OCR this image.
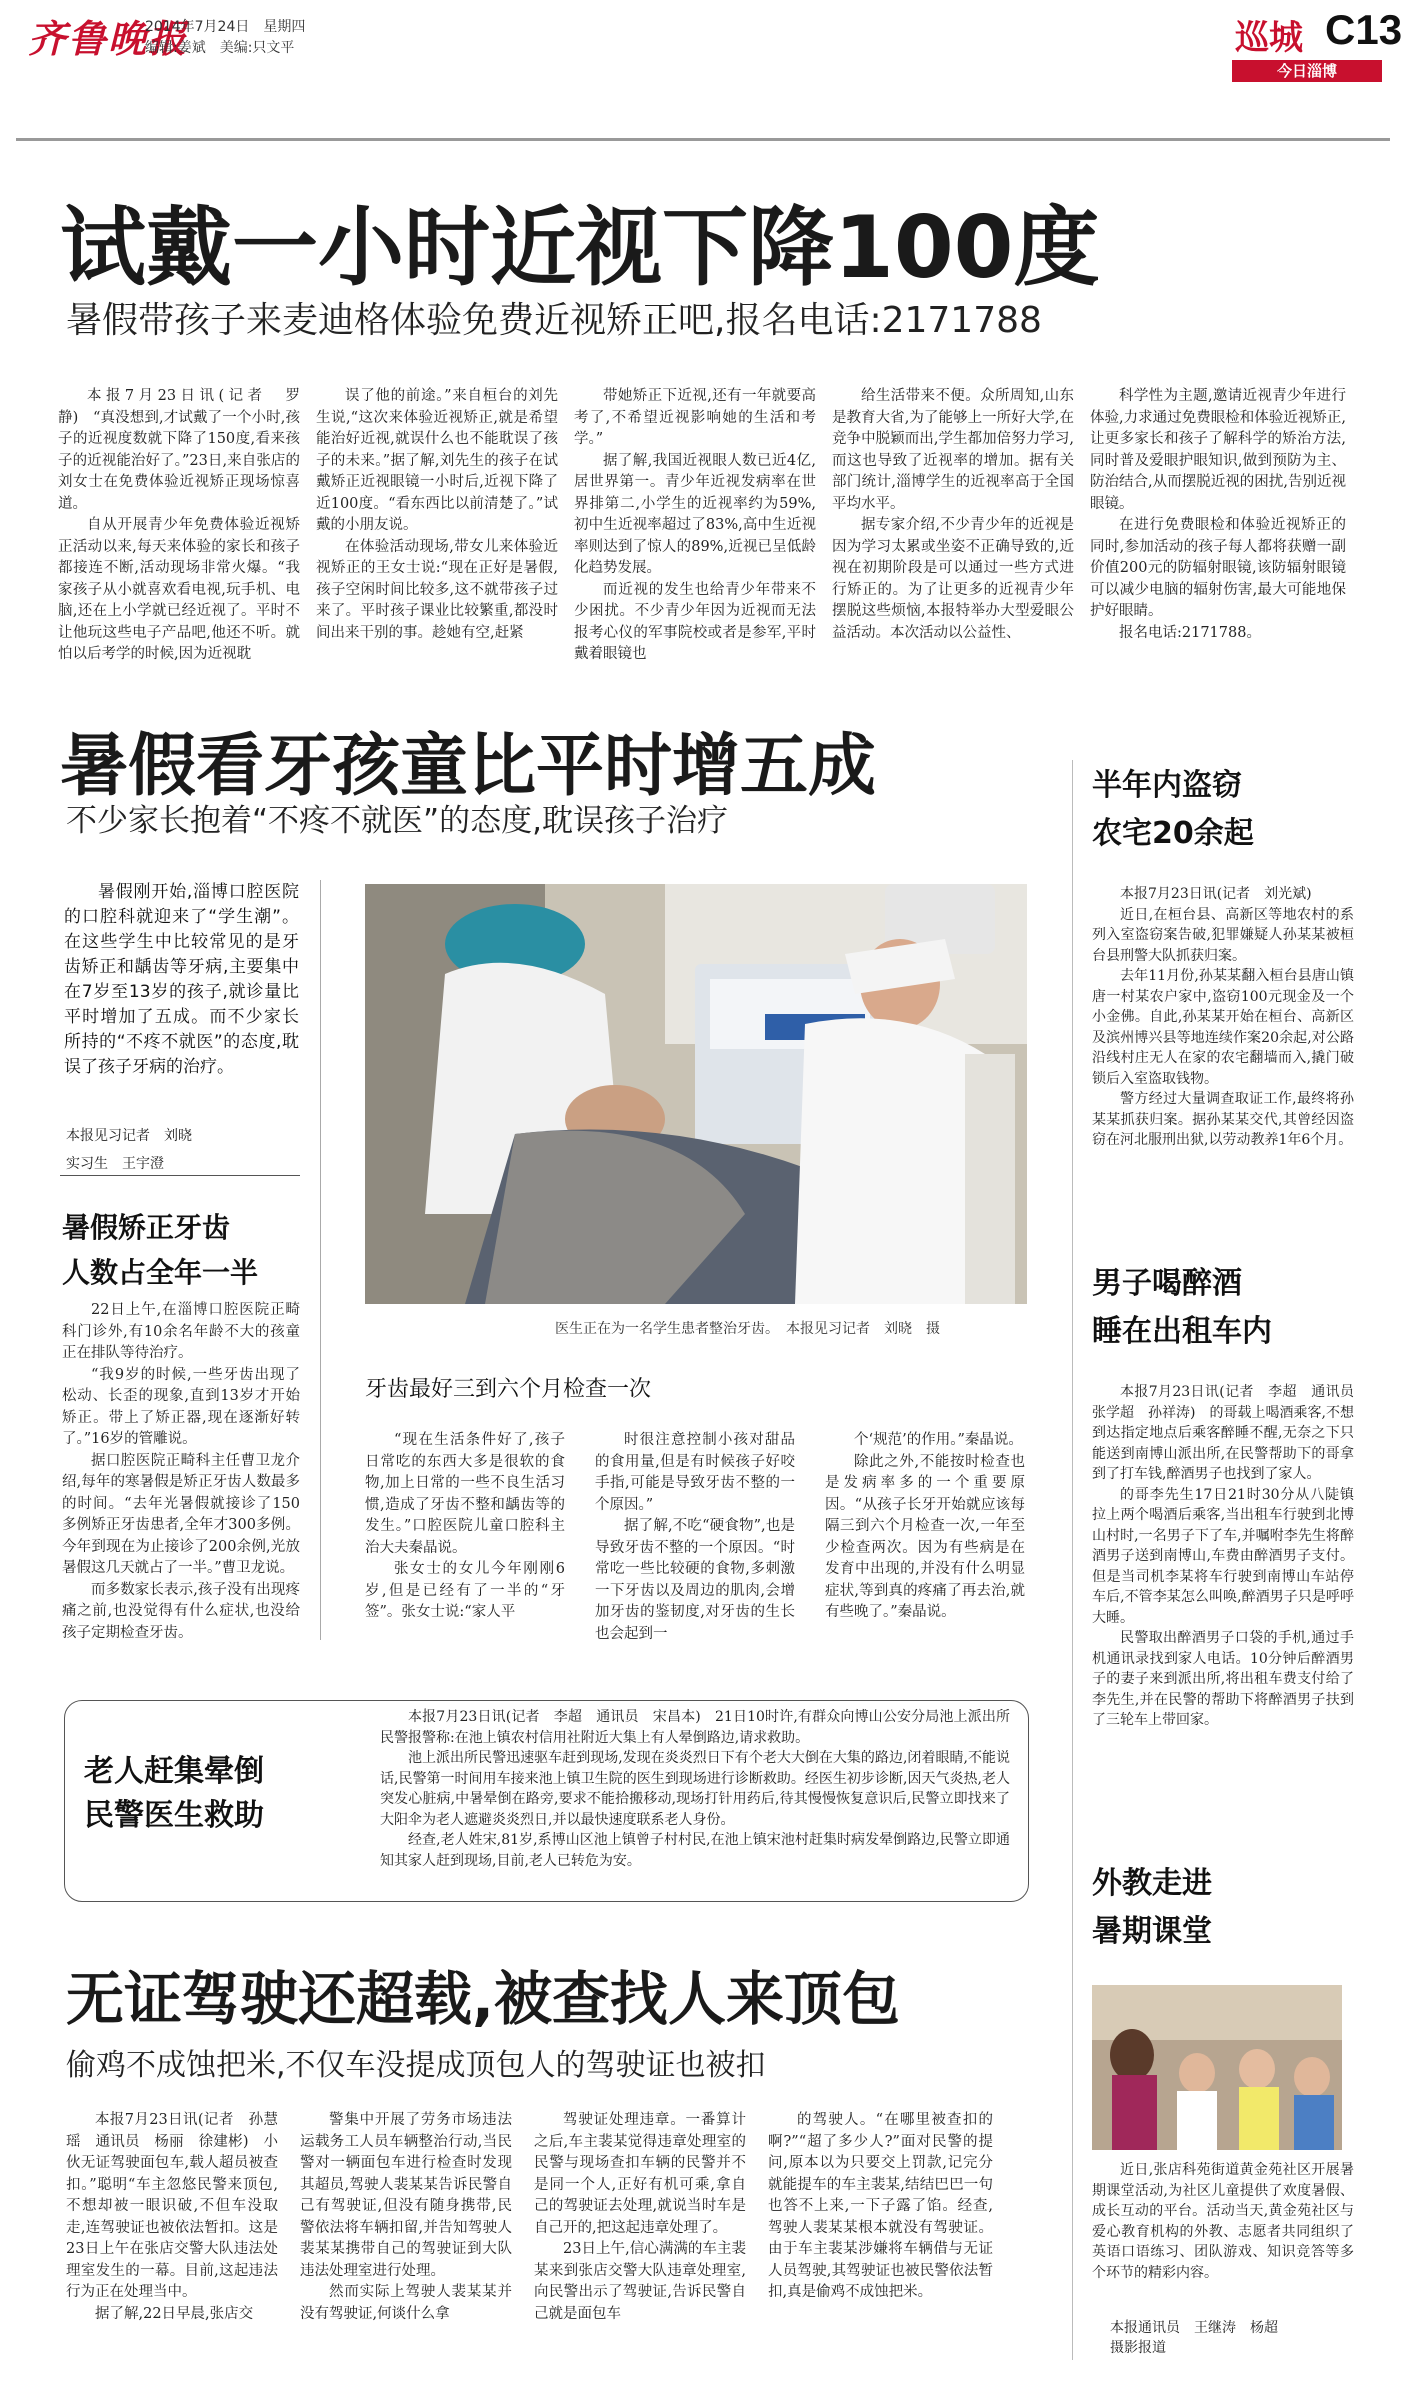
齐鲁晚报
2014年7月24日　星期四
编辑:姜斌　美编:只文平	巡城 C13
今日淄博
试戴一小时近视下降100度
暑假带孩子来麦迪格体验免费近视矫正吧,报名电话:2171788

本报7月23日讯(记者　罗静)　“真没想到,才试戴了一个小时,孩子的近视度数就下降了150度,看来孩子的近视能治好了。”23日,来自张店的刘女士在免费体验近视矫正现场惊喜道。

自从开展青少年免费体验近视矫正活动以来,每天来体验的家长和孩子都接连不断,活动现场非常火爆。“我家孩子从小就喜欢看电视,玩手机、电脑,还在上小学就已经近视了。平时不让他玩这些电子产品吧,他还不听。就怕以后考学的时候,因为近视耽

误了他的前途。”来自桓台的刘先生说,“这次来体验近视矫正,就是希望能治好近视,就误什么也不能耽误了孩子的未来。”据了解,刘先生的孩子在试戴矫正近视眼镜一小时后,近视下降了近100度。“看东西比以前清楚了。”试戴的小朋友说。

在体验活动现场,带女儿来体验近视矫正的王女士说:“现在正好是暑假,孩子空闲时间比较多,这不就带孩子过来了。平时孩子课业比较繁重,都没时间出来干别的事。趁她有空,赶紧

带她矫正下近视,还有一年就要高考了,不希望近视影响她的生活和考学。”

据了解,我国近视眼人数已近4亿,居世界第一。青少年近视发病率在世界排第二,小学生的近视率约为59%,初中生近视率超过了83%,高中生近视率则达到了惊人的89%,近视已呈低龄化趋势发展。

而近视的发生也给青少年带来不少困扰。不少青少年因为近视而无法报考心仪的军事院校或者是参军,平时戴着眼镜也

给生活带来不便。众所周知,山东是教育大省,为了能够上一所好大学,在竞争中脱颖而出,学生都加倍努力学习,而这也导致了近视率的增加。据有关部门统计,淄博学生的近视率高于全国平均水平。

据专家介绍,不少青少年的近视是因为学习太累或坐姿不正确导致的,近视在初期阶段是可以通过一些方式进行矫正的。为了让更多的近视青少年摆脱这些烦恼,本报特举办大型爱眼公益活动。本次活动以公益性、

科学性为主题,邀请近视青少年进行体验,力求通过免费眼检和体验近视矫正,让更多家长和孩子了解科学的矫治方法,同时普及爱眼护眼知识,做到预防为主、防治结合,从而摆脱近视的困扰,告别近视眼镜。

在进行免费眼检和体验近视矫正的同时,参加活动的孩子每人都将获赠一副价值200元的防辐射眼镜,该防辐射眼镜可以减少电脑的辐射伤害,最大可能地保护好眼睛。

报名电话:2171788。

暑假看牙孩童比平时增五成
不少家长抱着“不疼不就医”的态度,耽误孩子治疗

暑假刚开始,淄博口腔医院的口腔科就迎来了“学生潮”。在这些学生中比较常见的是牙齿矫正和龋齿等牙病,主要集中在7岁至13岁的孩子,就诊量比平时增加了五成。而不少家长所持的“不疼不就医”的态度,耽误了孩子牙病的治疗。

本报见习记者　刘晓
实习生　王宇澄
暑假矫正牙齿
人数占全年一半

22日上午,在淄博口腔医院正畸科门诊外,有10余名年龄不大的孩童正在排队等待治疗。

“我9岁的时候,一些牙齿出现了松动、长歪的现象,直到13岁才开始矫正。带上了矫正器,现在逐渐好转了。”16岁的管雕说。

据口腔医院正畸科主任曹卫龙介绍,每年的寒暑假是矫正牙齿人数最多的时间。“去年光暑假就接诊了150多例矫正牙齿患者,全年才300多例。今年到现在为止接诊了200余例,光放暑假这几天就占了一半。”曹卫龙说。

而多数家长表示,孩子没有出现疼痛之前,也没觉得有什么症状,也没给孩子定期检查牙齿。

医生正在为一名学生患者整治牙齿。　本报见习记者　刘晓　摄
牙齿最好三到六个月检查一次

“现在生活条件好了,孩子日常吃的东西大多是很软的食物,加上日常的一些不良生活习惯,造成了牙齿不整和龋齿等的发生。”口腔医院儿童口腔科主治大夫秦晶说。

张女士的女儿今年刚刚6岁,但是已经有了一半的“牙签”。张女士说:“家人平

时很注意控制小孩对甜品的食用量,但是有时候孩子好咬手指,可能是导致牙齿不整的一个原因。”

据了解,不吃“硬食物”,也是导致牙齿不整的一个原因。“时常吃一些比较硬的食物,多刺激一下牙齿以及周边的肌肉,会增加牙齿的鉴韧度,对牙齿的生长也会起到一

个‘规范’的作用。”秦晶说。

除此之外,不能按时检查也是发病率多的一个重要原因。“从孩子长牙开始就应该每隔三到六个月检查一次,一年至少检查两次。因为有些病是在发育中出现的,并没有什么明显症状,等到真的疼痛了再去治,就有些晚了。”秦晶说。

老人赶集晕倒
民警医生救助

本报7月23日讯(记者　李超　通讯员　宋昌本)　21日10时许,有群众向博山公安分局池上派出所民警报警称:在池上镇农村信用社附近大集上有人晕倒路边,请求救助。

池上派出所民警迅速驱车赶到现场,发现在炎炎烈日下有个老大大倒在大集的路边,闭着眼睛,不能说话,民警第一时间用车接来池上镇卫生院的医生到现场进行诊断救助。经医生初步诊断,因天气炎热,老人突发心脏病,中暑晕倒在路旁,要求不能拾搬移动,现场打针用药后,待其慢慢恢复意识后,民警立即找来了大阳伞为老人遮避炎炎烈日,并以最快速度联系老人身份。

经查,老人姓宋,81岁,系博山区池上镇曾子村村民,在池上镇宋池村赶集时病发晕倒路边,民警立即通知其家人赶到现场,目前,老人已转危为安。

无证驾驶还超载,被查找人来顶包
偷鸡不成蚀把米,不仅车没提成顶包人的驾驶证也被扣

本报7月23日讯(记者　孙慧瑶　通讯员　杨丽　徐建彬)　小伙无证驾驶面包车,载人超员被查扣。”聪明“车主忽悠民警来顶包,不想却被一眼识破,不但车没取走,连驾驶证也被依法暂扣。这是23日上午在张店交警大队违法处理室发生的一幕。目前,这起违法行为正在处理当中。

据了解,22日早晨,张店交

警集中开展了劳务市场违法运载务工人员车辆整治行动,当民警对一辆面包车进行检查时发现其超员,驾驶人裴某某告诉民警自己有驾驶证,但没有随身携带,民警依法将车辆扣留,并告知驾驶人裴某某携带自己的驾驶证到大队违法处理室进行处理。

然而实际上驾驶人裴某某并没有驾驶证,何谈什么拿

驾驶证处理违章。一番算计之后,车主裴某觉得违章处理室的民警与现场查扣车辆的民警并不是同一个人,正好有机可乘,拿自己的驾驶证去处理,就说当时车是自己开的,把这起违章处理了。

23日上午,信心满满的车主裴某来到张店交警大队违章处理室,向民警出示了驾驶证,告诉民警自己就是面包车

的驾驶人。“在哪里被查扣的啊?”“超了多少人?”面对民警的提问,原本以为只要交上罚款,记完分就能提车的车主裴某,结结巴巴一句也答不上来,一下子露了馅。经查,驾驶人裴某某根本就没有驾驶证。由于车主裴某涉嫌将车辆借与无证人员驾驶,其驾驶证也被民警依法暂扣,真是偷鸡不成蚀把米。

半年内盗窃
农宅20余起

本报7月23日讯(记者　刘光斌)

近日,在桓台县、高新区等地农村的系列入室盗窃案告破,犯罪嫌疑人孙某某被桓台县刑警大队抓获归案。

去年11月份,孙某某翻入桓台县唐山镇唐一村某农户家中,盗窃100元现金及一个小金佛。自此,孙某某开始在桓台、高新区及滨州博兴县等地连续作案20余起,对公路沿线村庄无人在家的农宅翻墙而入,撬门破锁后入室盗取钱物。

警方经过大量调查取证工作,最终将孙某某抓获归案。据孙某某交代,其曾经因盗窃在河北服刑出狱,以劳动教养1年6个月。

男子喝醉酒
睡在出租车内

本报7月23日讯(记者　李超　通讯员　张学超　孙祥涛)　的哥载上喝酒乘客,不想到达指定地点后乘客醉睡不醒,无奈之下只能送到南博山派出所,在民警帮助下的哥拿到了打车钱,醉酒男子也找到了家人。

的哥李先生17日21时30分从八陡镇拉上两个喝酒后乘客,当出租车行驶到北博山村时,一名男子下了车,并嘱咐李先生将醉酒男子送到南博山,车费由醉酒男子支付。但是当司机李某将车行驶到南博山车站停车后,不管李某怎么叫唤,醉酒男子只是呼呼大睡。

民警取出醉酒男子口袋的手机,通过手机通讯录找到家人电话。10分钟后醉酒男子的妻子来到派出所,将出租车费支付给了李先生,并在民警的帮助下将醉酒男子扶到了三轮车上带回家。

外教走进
暑期课堂

近日,张店科苑街道黄金苑社区开展暑期课堂活动,为社区儿童提供了欢度暑假、成长互动的平台。活动当天,黄金苑社区与爱心教育机构的外教、志愿者共同组织了英语口语练习、团队游戏、知识竞答等多个环节的精彩内容。

本报通讯员　王继涛　杨超
摄影报道
